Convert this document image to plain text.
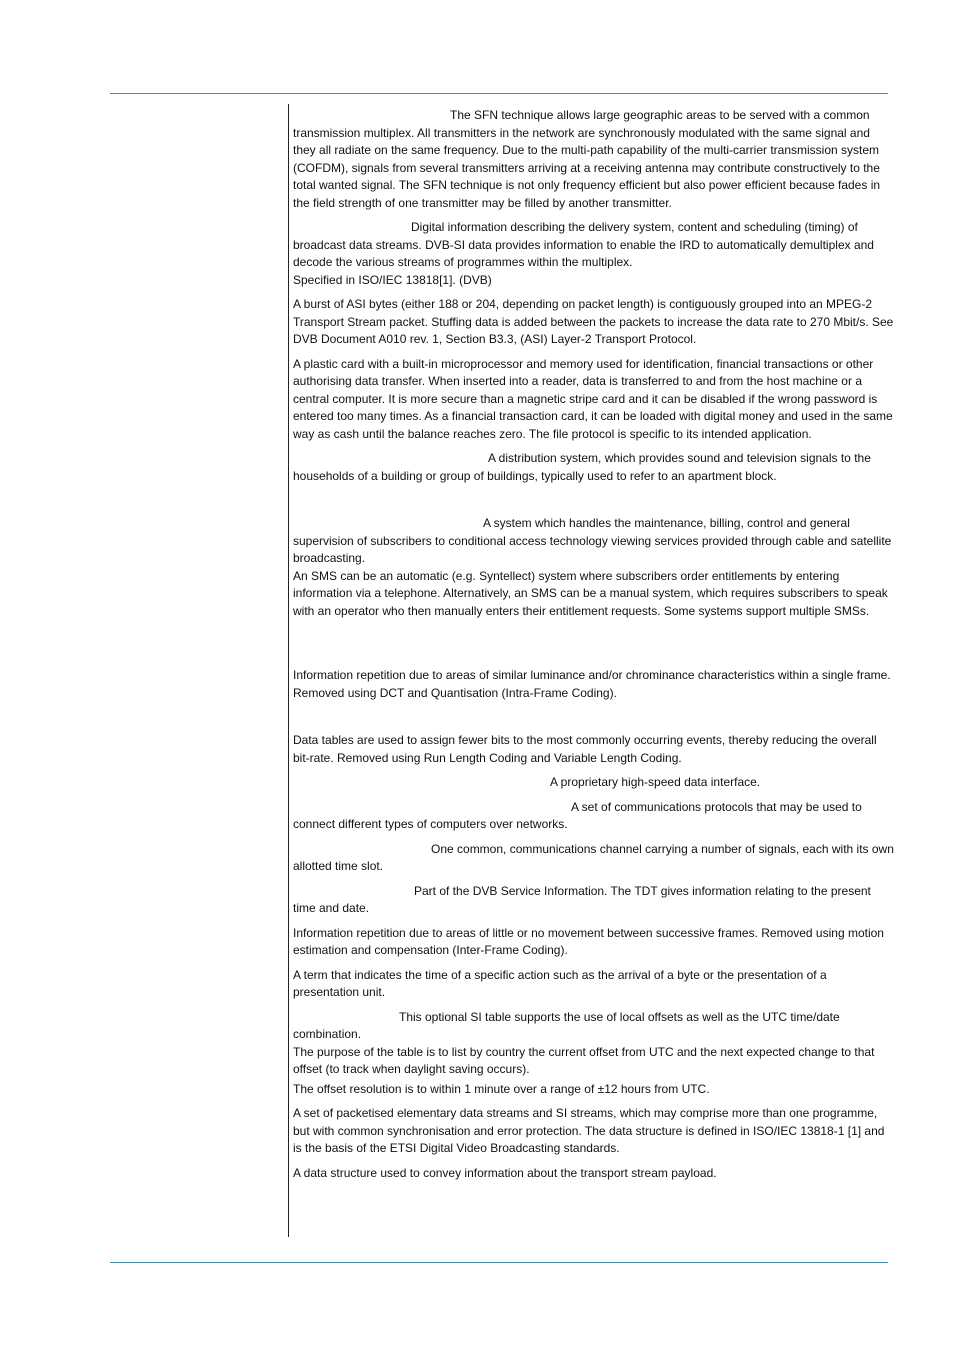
The SFN technique allows large geographic areas to be served with a common transmission multiplex. All transmitters in the network are synchronously modulated with the same signal and they all radiate on the same frequency. Due to the multi-path capability of the multi-carrier transmission system (COFDM), signals from several transmitters arriving at a receiving antenna may contribute constructively to the total wanted signal. The SFN technique is not only frequency efficient but also power efficient because fades in the field strength of one transmitter may be filled by another transmitter.

Digital information describing the delivery system, content and scheduling (timing) of broadcast data streams. DVB-SI data provides information to enable the IRD to automatically demultiplex and decode the various streams of programmes within the multiplex.

Specified in ISO/IEC 13818[1]. (DVB)

A burst of ASI bytes (either 188 or 204, depending on packet length) is contiguously grouped into an MPEG-2 Transport Stream packet. Stuffing data is added between the packets to increase the data rate to 270 Mbit/s. See DVB Document A010 rev. 1, Section B3.3, (ASI) Layer-2 Transport Protocol.

A plastic card with a built-in microprocessor and memory used for identification, financial transactions or other authorising data transfer. When inserted into a reader, data is transferred to and from the host machine or a central computer. It is more secure than a magnetic stripe card and it can be disabled if the wrong password is entered too many times. As a financial transaction card, it can be loaded with digital money and used in the same way as cash until the balance reaches zero. The file protocol is specific to its intended application.

A distribution system, which provides sound and television signals to the households of a building or group of buildings, typically used to refer to an apartment block.

A system which handles the maintenance, billing, control and general supervision of subscribers to conditional access technology viewing services provided through cable and satellite broadcasting.

An SMS can be an automatic (e.g. Syntellect) system where subscribers order entitlements by entering information via a telephone. Alternatively, an SMS can be a manual system, which requires subscribers to speak with an operator who then manually enters their entitlement requests. Some systems support multiple SMSs.

Information repetition due to areas of similar luminance and/or chrominance characteristics within a single frame. Removed using DCT and Quantisation (Intra-Frame Coding).

Data tables are used to assign fewer bits to the most commonly occurring events, thereby reducing the overall bit-rate. Removed using Run Length Coding and Variable Length Coding.

A proprietary high-speed data interface.

A set of communications protocols that may be used to connect different types of computers over networks.

One common, communications channel carrying a number of signals, each with its own allotted time slot.

Part of the DVB Service Information. The TDT gives information relating to the present time and date.

Information repetition due to areas of little or no movement between successive frames. Removed using motion estimation and compensation (Inter-Frame Coding).

A term that indicates the time of a specific action such as the arrival of a byte or the presentation of a presentation unit.

This optional SI table supports the use of local offsets as well as the UTC time/date combination.

The purpose of the table is to list by country the current offset from UTC and the next expected change to that offset (to track when daylight saving occurs).

The offset resolution is to within 1 minute over a range of ±12 hours from UTC.

A set of packetised elementary data streams and SI streams, which may comprise more than one programme, but with common synchronisation and error protection. The data structure is defined in ISO/IEC 13818-1 [1] and is the basis of the ETSI Digital Video Broadcasting standards.

A data structure used to convey information about the transport stream payload.
